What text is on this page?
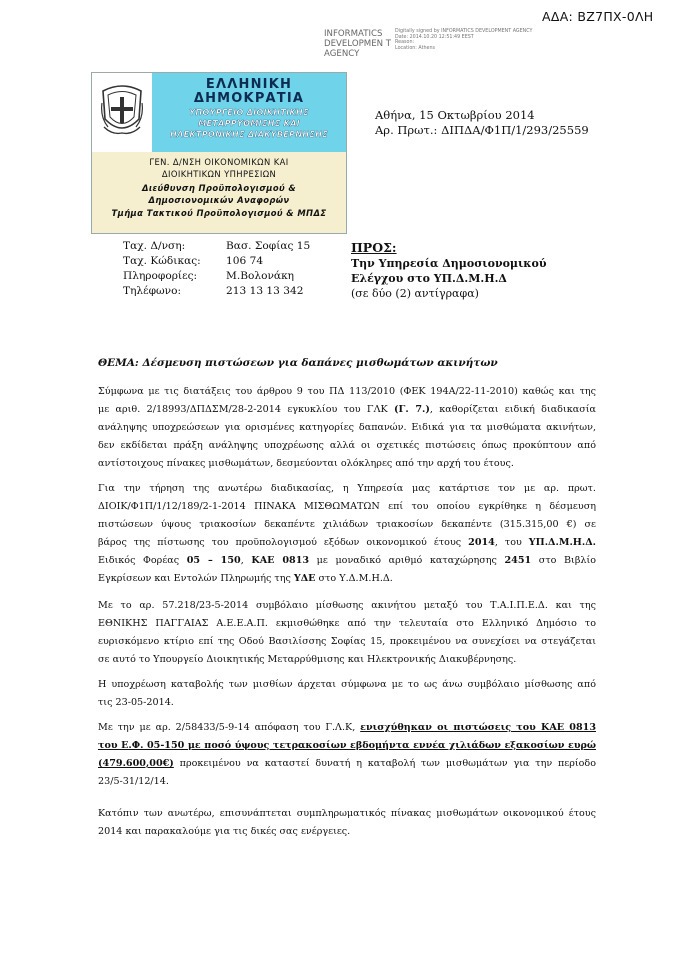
ΑΔΑ: ΒΖ7ΠΧ-0ΛΗ
INFORMATICS DEVELOPMEN T AGENCY
Digitally signed by INFORMATICS DEVELOPMENT AGENCY
Date: 2014.10.20 12:51:49 EEST
Reason:
Location: Athens
ΕΛΛΗΝΙΚΗ
ΔΗΜΟΚΡΑΤΙΑ
ΥΠΟΥΡΓΕΙΟ ΔΙΟΙΚΗΤΙΚΗΣ
ΜΕΤΑΡΡΥΘΜΙΣΗΣ ΚΑΙ
ΗΛΕΚΤΡΟΝΙΚΗΣ ΔΙΑΚΥΒΕΡΝΗΣΗΣ
ΓΕΝ. Δ/ΝΣΗ ΟΙΚΟΝΟΜΙΚΩΝ ΚΑΙ
ΔΙΟΙΚΗΤΙΚΩΝ ΥΠΗΡΕΣΙΩΝ
Διεύθυνση Προϋπολογισμού &
Δημοσιονομικών Αναφορών
Τμήμα Τακτικού Προϋπολογισμού & ΜΠΔΣ
Αθήνα, 15 Οκτωβρίου 2014
Αρ. Πρωτ.: ΔΙΠΔΑ/Φ1Π/1/293/25559
Ταχ. Δ/νση:	Βασ. Σοφίας 15
Ταχ. Κώδικας: 106 74
Πληροφορίες:	Μ.Βολονάκη
Τηλέφωνο:	213 13 13 342
ΠΡΟΣ:
Την Υπηρεσία Δημοσιονομικού
Ελέγχου στο ΥΠ.Δ.Μ.Η.Δ
(σε δύο (2) αντίγραφα)
ΘΕΜΑ: Δέσμευση πιστώσεων για δαπάνες μισθωμάτων ακινήτων
Σύμφωνα με τις διατάξεις του άρθρου 9 του ΠΔ 113/2010 (ΦΕΚ 194Α/22-11-2010) καθώς και της
με αριθ. 2/18993/ΔΠΔΣΜ/28-2-2014 εγκυκλίου του ΓΛΚ (Γ. 7.), καθορίζεται ειδική διαδικασία
ανάληψης υποχρεώσεων για ορισμένες κατηγορίες δαπανών. Ειδικά για τα μισθώματα ακινήτων,
δεν εκδίδεται πράξη ανάληψης υποχρέωσης αλλά οι σχετικές πιστώσεις όπως προκύπτουν από
αντίστοιχους πίνακες μισθωμάτων, δεσμεύονται ολόκληρες από την αρχή του έτους.
Για την τήρηση της ανωτέρω διαδικασίας, η Υπηρεσία μας κατάρτισε τον με αρ. πρωτ.
ΔΙΟΙΚ/Φ1Π/1/12/189/2-1-2014 ΠΙΝΑΚΑ ΜΙΣΘΩΜΑΤΩΝ επί του οποίου εγκρίθηκε η δέσμευση
πιστώσεων ύψους τριακοσίων δεκαπέντε χιλιάδων τριακοσίων δεκαπέντε (315.315,00 €) σε
βάρος της πίστωσης του προϋπολογισμού εξόδων οικονομικού έτους 2014, του ΥΠ.Δ.Μ.Η.Δ.
Ειδικός Φορέας 05 – 150, ΚΑΕ 0813 με μοναδικό αριθμό καταχώρησης 2451 στο Βιβλίο
Εγκρίσεων και Εντολών Πληρωμής της ΥΔΕ στο Υ.Δ.Μ.Η.Δ.
Με το αρ. 57.218/23-5-2014 συμβόλαιο μίσθωσης ακινήτου μεταξύ του Τ.Α.Ι.Π.Ε.Δ. και της
ΕΘΝΙΚΗΣ ΠΑΓΓΑΙΑΣ Α.Ε.Ε.Α.Π. εκμισθώθηκε από την τελευταία στο Ελληνικό Δημόσιο το
ευρισκόμενο κτίριο επί της Οδού Βασιλίσσης Σοφίας 15, προκειμένου να συνεχίσει να στεγάζεται
σε αυτό το Υπουργείο Διοικητικής Μεταρρύθμισης και Ηλεκτρονικής Διακυβέρνησης.
Η υποχρέωση καταβολής των μισθίων άρχεται σύμφωνα με το ως άνω συμβόλαιο μίσθωσης από
τις 23-05-2014.
Με την με αρ. 2/58433/5-9-14 απόφαση του Γ.Λ.Κ, ενισχύθηκαν οι πιστώσεις του ΚΑΕ 0813
του Ε.Φ. 05-150 με ποσό ύψους τετρακοσίων εβδομήντα εννέα χιλιάδων εξακοσίων ευρώ
(479.600,00€) προκειμένου να καταστεί δυνατή η καταβολή των μισθωμάτων για την περίοδο
23/5-31/12/14.
Κατόπιν των ανωτέρω, επισυνάπτεται συμπληρωματικός πίνακας μισθωμάτων οικονομικού έτους
2014 και παρακαλούμε για τις δικές σας ενέργειες.
